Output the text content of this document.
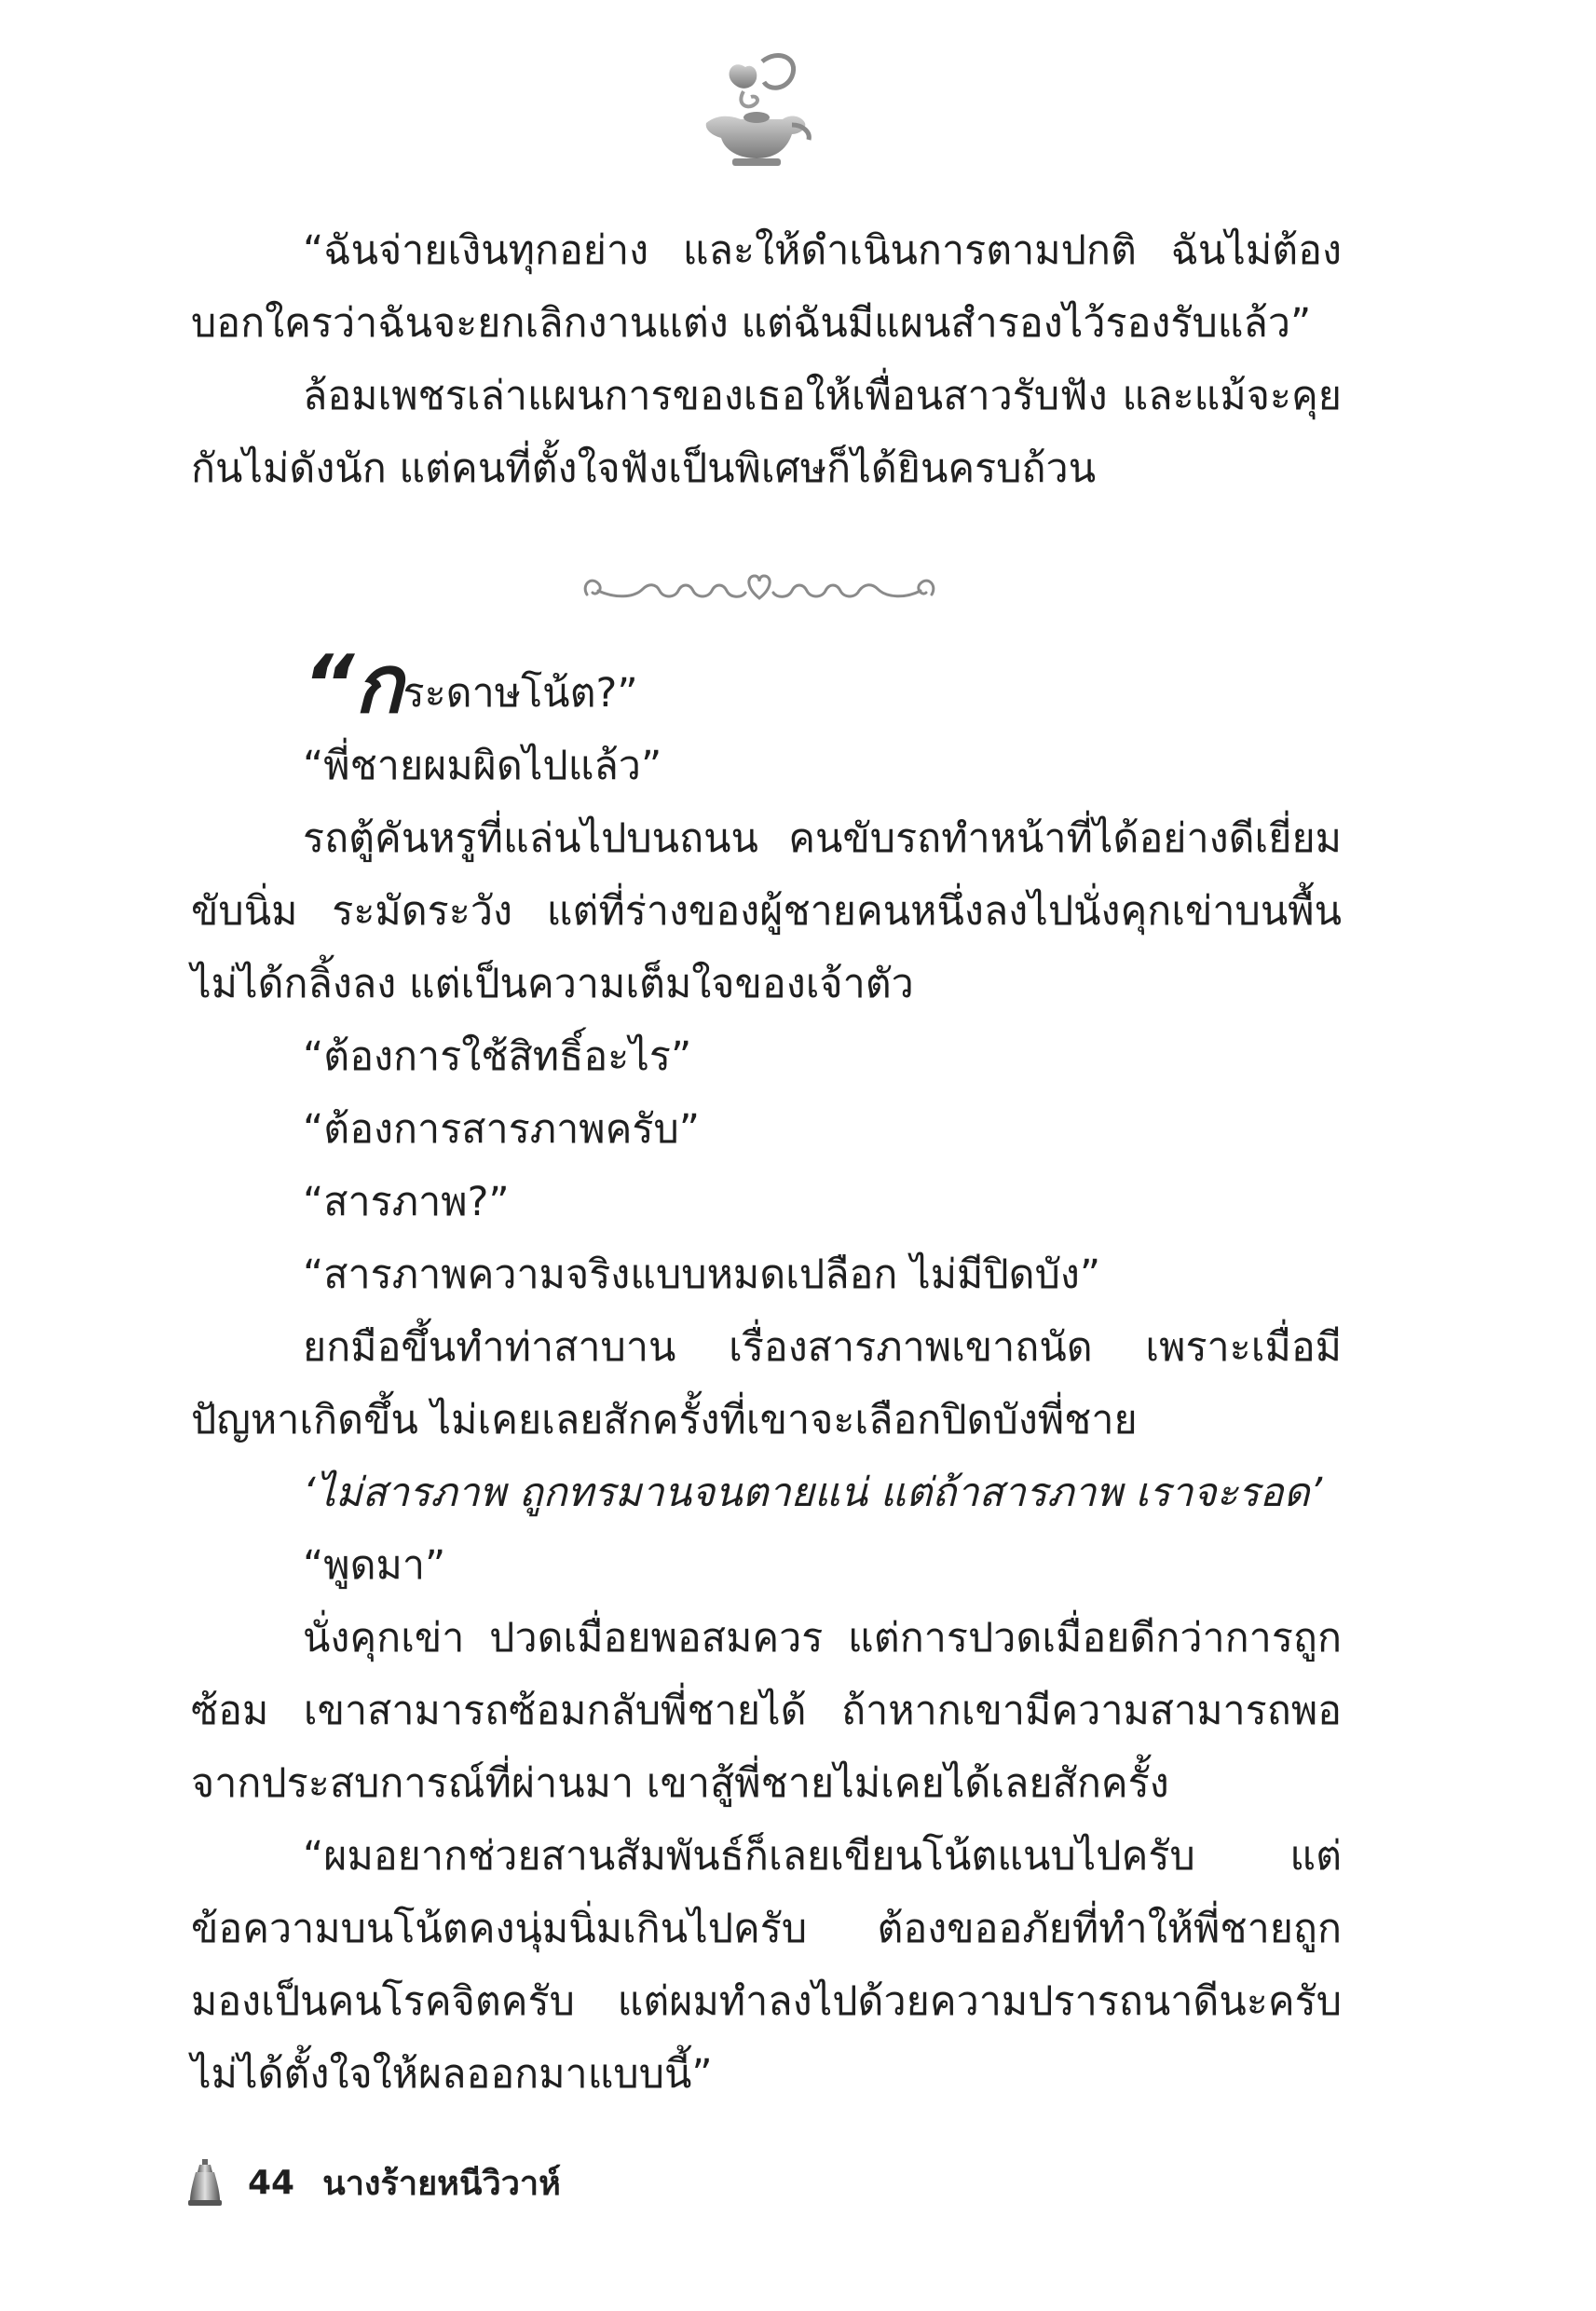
“ฉันจ่ายเงินทุกอย่าง และให้ดำเนินการตามปกติ ฉันไม่ต้องบอกใครว่าฉันจะยกเลิกงานแต่ง แต่ฉันมีแผนสำรองไว้รองรับแล้ว”

ล้อมเพชรเล่าแผนการของเธอให้เพื่อนสาวรับฟัง และแม้จะคุยกันไม่ดังนัก แต่คนที่ตั้งใจฟังเป็นพิเศษก็ได้ยินครบถ้วน

“กระดาษโน้ต?”

“พี่ชายผมผิดไปแล้ว”

รถตู้คันหรูที่แล่นไปบนถนน คนขับรถทำหน้าที่ได้อย่างดีเยี่ยม ขับนิ่ม ระมัดระวัง แต่ที่ร่างของผู้ชายคนหนึ่งลงไปนั่งคุกเข่าบนพื้น ไม่ได้กลิ้งลง แต่เป็นความเต็มใจของเจ้าตัว

“ต้องการใช้สิทธิ์อะไร”

“ต้องการสารภาพครับ”

“สารภาพ?”

“สารภาพความจริงแบบหมดเปลือก ไม่มีปิดบัง”

ยกมือขึ้นทำท่าสาบาน เรื่องสารภาพเขาถนัด เพราะเมื่อมีปัญหาเกิดขึ้น ไม่เคยเลยสักครั้งที่เขาจะเลือกปิดบังพี่ชาย

‘ไม่สารภาพ ถูกทรมานจนตายแน่ แต่ถ้าสารภาพ เราจะรอด’

“พูดมา”

นั่งคุกเข่า ปวดเมื่อยพอสมควร แต่การปวดเมื่อยดีกว่าการถูกซ้อม เขาสามารถซ้อมกลับพี่ชายได้ ถ้าหากเขามีความสามารถพอ จากประสบการณ์ที่ผ่านมา เขาสู้พี่ชายไม่เคยได้เลยสักครั้ง

“ผมอยากช่วยสานสัมพันธ์ก็เลยเขียนโน้ตแนบไปครับ แต่ข้อความบนโน้ตคงนุ่มนิ่มเกินไปครับ ต้องขออภัยที่ทำให้พี่ชายถูกมองเป็นคนโรคจิตครับ แต่ผมทำลงไปด้วยความปรารถนาดีนะครับ ไม่ได้ตั้งใจให้ผลออกมาแบบนี้”

44 นางร้ายหนีวิวาห์
